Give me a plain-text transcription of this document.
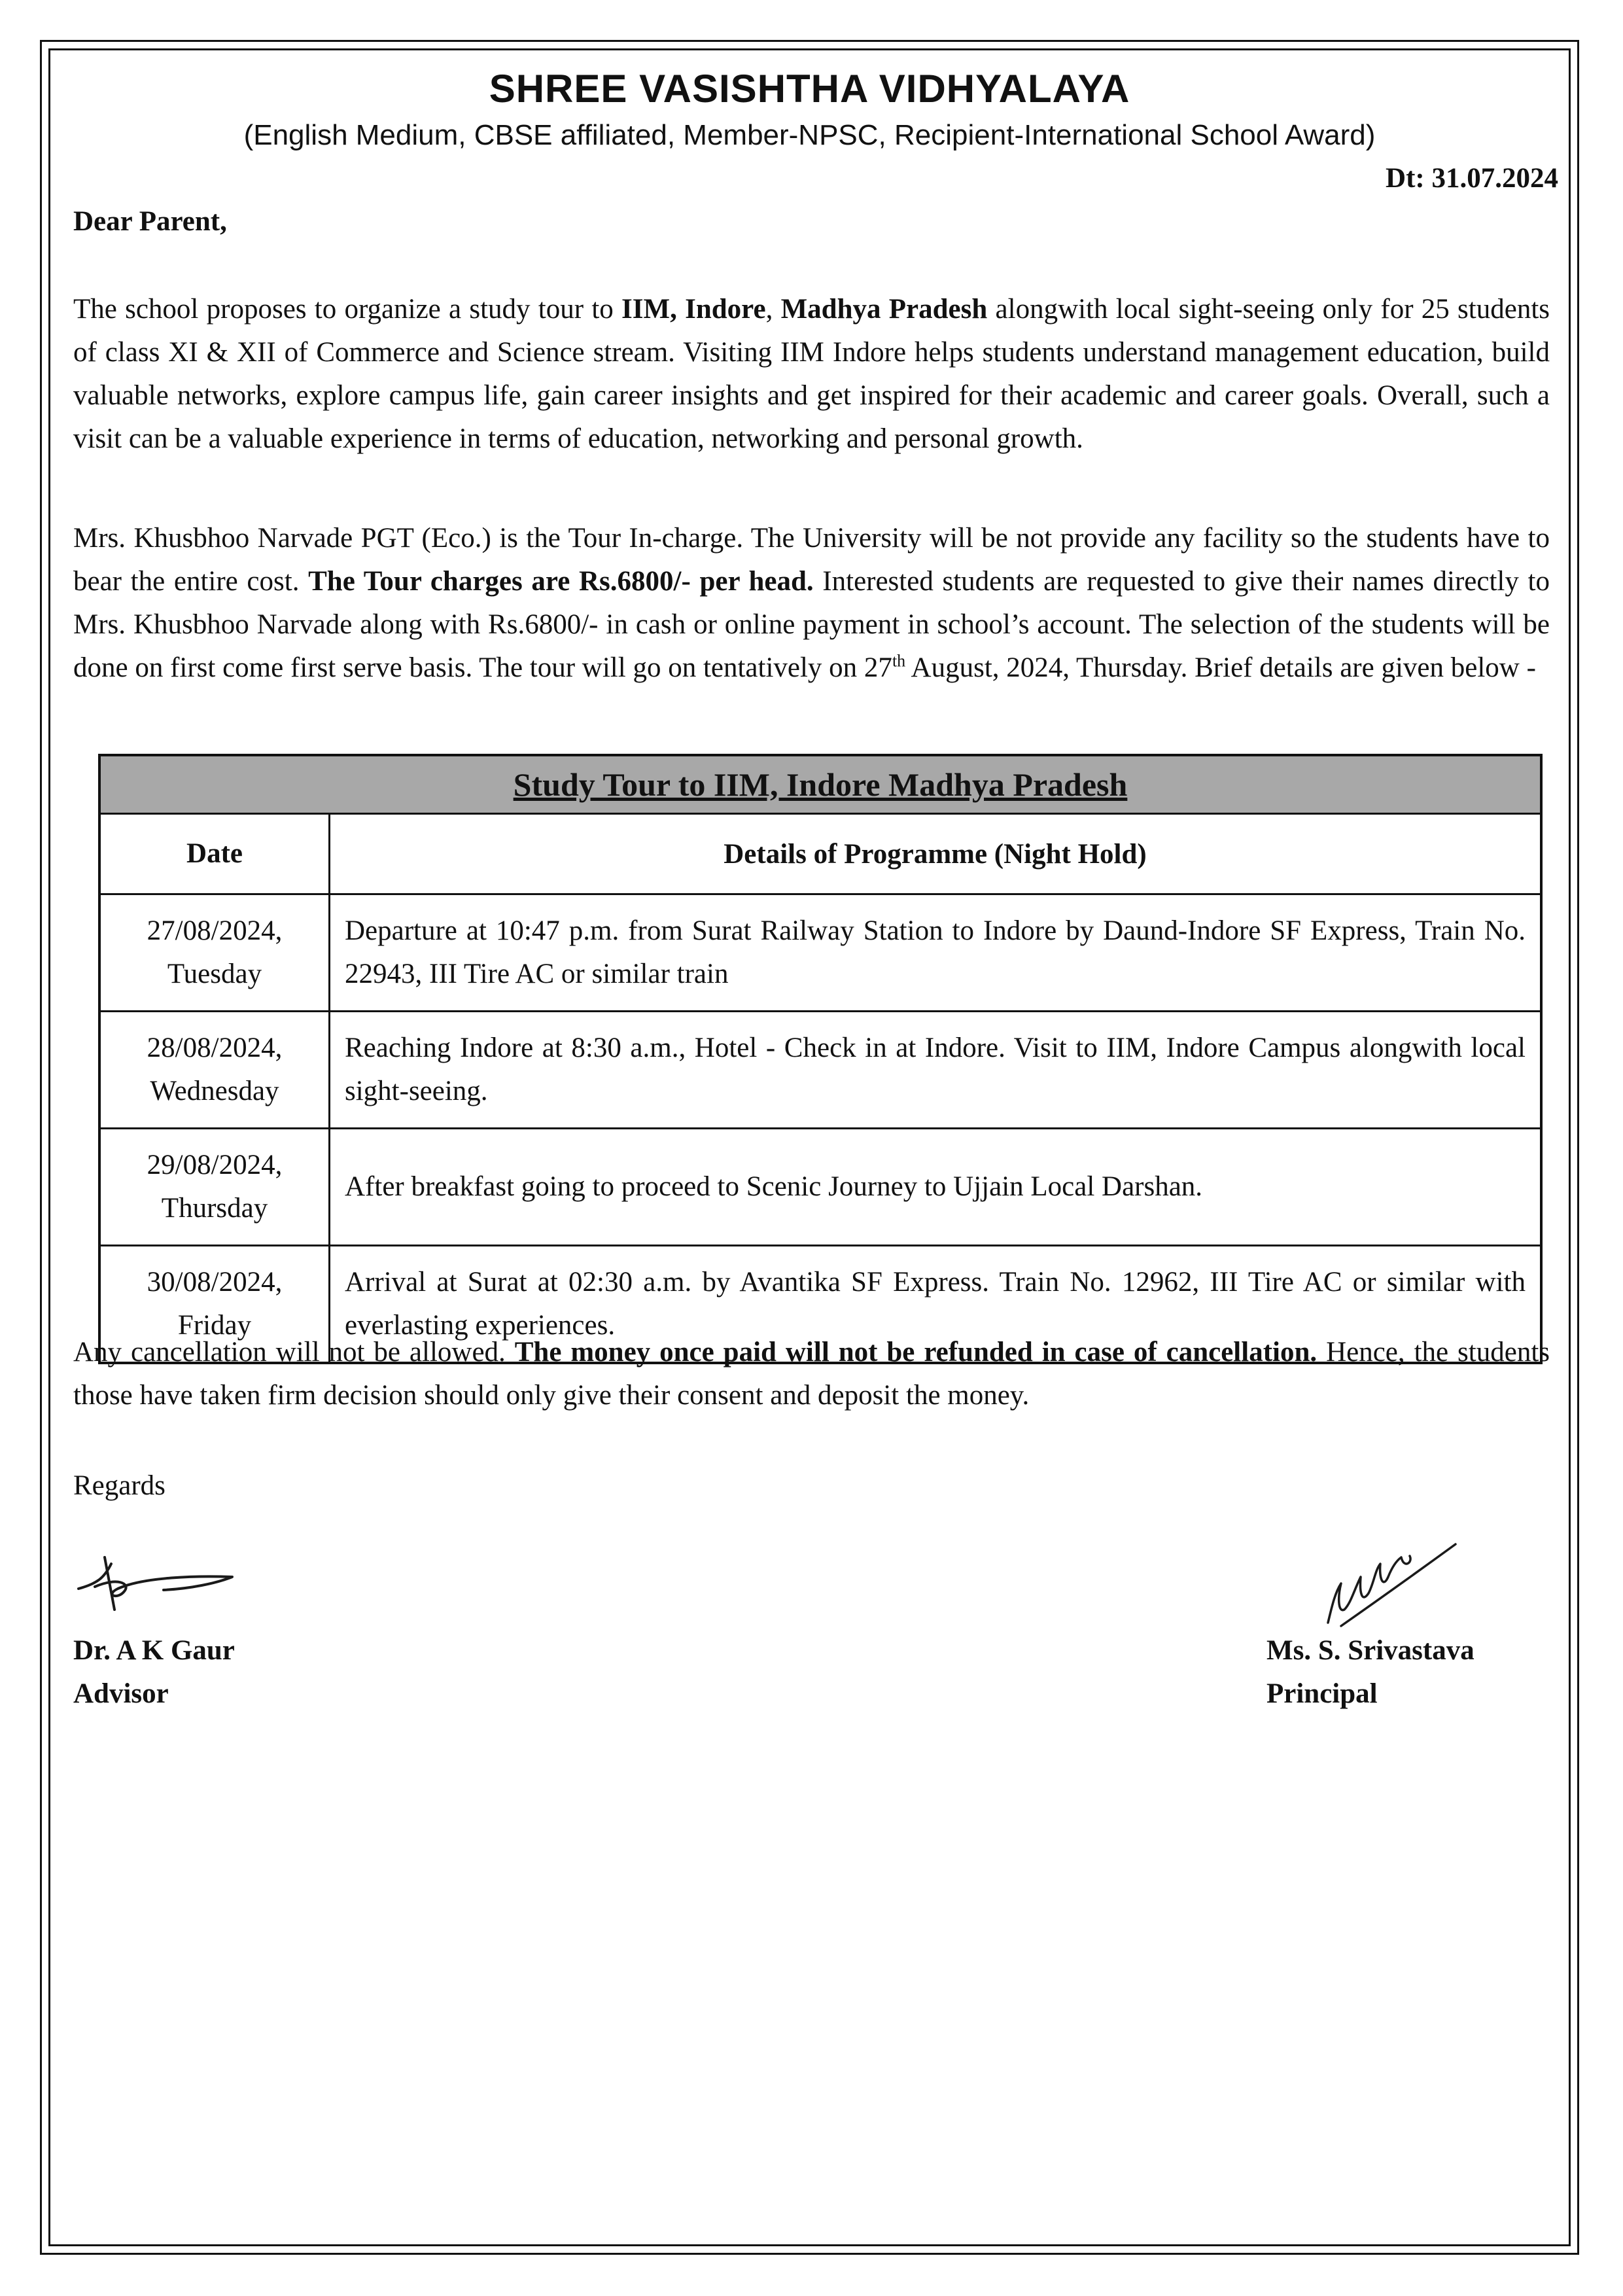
SHREE VASISHTHA VIDHYALAYA
(English Medium, CBSE affiliated, Member-NPSC, Recipient-International School Award)
Dt: 31.07.2024
Dear Parent,
The school proposes to organize a study tour to IIM, Indore, Madhya Pradesh alongwith local sight-seeing only for 25 students of class XI & XII of Commerce and Science stream. Visiting IIM Indore helps students understand management education, build valuable networks, explore campus life, gain career insights and get inspired for their academic and career goals. Overall, such a visit can be a valuable experience in terms of education, networking and personal growth.
Mrs. Khusbhoo Narvade PGT (Eco.) is the Tour In-charge. The University will be not provide any facility so the students have to bear the entire cost. The Tour charges are Rs.6800/- per head. Interested students are requested to give their names directly to Mrs. Khusbhoo Narvade along with Rs.6800/- in cash or online payment in school’s account. The selection of the students will be done on first come first serve basis. The tour will go on tentatively on 27th August, 2024, Thursday. Brief details are given below -
Study Tour to IIM, Indore Madhya Pradesh	
Date	Details of Programme (Night Hold)

27/08/2024,
Tuesday	Departure at 10:47 p.m. from Surat Railway Station to Indore by Daund-Indore SF Express, Train No. 22943, III Tire AC or similar train

28/08/2024,
Wednesday	Reaching Indore at 8:30 a.m., Hotel - Check in at Indore. Visit to IIM, Indore Campus alongwith local sight-seeing.

29/08/2024,
Thursday	After breakfast going to proceed to Scenic Journey to Ujjain Local Darshan.

30/08/2024,
Friday	Arrival at Surat at 02:30 a.m. by Avantika SF Express. Train No. 12962, III Tire AC or similar with everlasting experiences.
Any cancellation will not be allowed. The money once paid will not be refunded in case of cancellation. Hence, the students those have taken firm decision should only give their consent and deposit the money.
Regards
Dr. A K Gaur
Advisor
Ms. S. Srivastava
Principal
